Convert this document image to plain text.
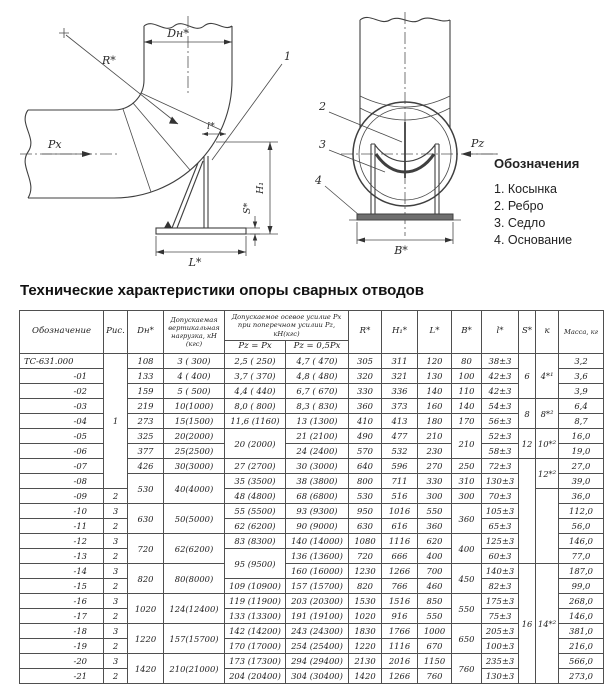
Dн*
R*
l*
Px
H₁
S*
L*
1
Pz
B*
2
3
4
Обозначения
1. Косынка
2. Ребро
3. Седло
4. Основание
Технические характеристики опоры сварных отводов
Обозначение	Рис.	Dн*	Допускаемая вертикальная нагрузка, кН (кгс)	Допускаемое осевое усилие Px при поперечном усилии Pz, кН(кгс)		R*	H₁*	L*	B*	l*	S*	к	Масса, кг
				Pz = Px	Pz = 0,5Px								
ТС-631.000	1	108	3 ( 300)	2,5 ( 250)	4,7 ( 470)	305	311	120	80	38±3	6	4*¹	3,2
-01		133	4 ( 400)	3,7 ( 370)	4,8 ( 480)	320	321	130	100	42±3			3,6
-02		159	5 ( 500)	4,4 ( 440)	6,7 ( 670)	330	336	140	110	42±3			3,9
-03		219	10(1000)	8,0 ( 800)	8,3 ( 830)	360	373	160	140	54±3	8	8*²	6,4
-04		273	15(1500)	11,6 (1160)	13 (1300)	410	413	180	170	56±3			8,7
-05		325	20(2000)	20 (2000)	21 (2100)	490	477	210	210	52±3	12	10*²	16,0
-06		377	25(2500)		24 (2400)	570	532	230		58±3			19,0
-07		426	30(3000)	27 (2700)	30 (3000)	640	596	270	250	72±3		12*²	27,0
-08		530	40(4000)	35 (3500)	38 (3800)	800	711	330	310	130±3			39,0
-09	2			48 (4800)	68 (6800)	530	516	300	300	70±3			36,0
-10	3	630	50(5000)	55 (5500)	93 (9300)	950	1016	550	360	105±3			112,0
-11	2			62 (6200)	90 (9000)	630	616	360		65±3			56,0
-12	3	720	62(6200)	83 (8300)	140 (14000)	1080	1116	620	400	125±3			146,0
-13	2			95 (9500)	136 (13600)	720	666	400		60±3			77,0
-14	3	820	80(8000)		160 (16000)	1230	1266	700	450	140±3	16	14*²	187,0
-15	2			109 (10900)	157 (15700)	820	766	460		82±3			99,0
-16	3	1020	124(12400)	119 (11900)	203 (20300)	1530	1516	850	550	175±3			268,0
-17	2			133 (13300)	191 (19100)	1020	916	550		75±3			146,0
-18	3	1220	157(15700)	142 (14200)	243 (24300)	1830	1766	1000	650	205±3			381,0
-19	2			170 (17000)	254 (25400)	1220	1116	670		100±3			216,0
-20	3	1420	210(21000)	173 (17300)	294 (29400)	2130	2016	1150	760	235±3			566,0
-21	2			204 (20400)	304 (30400)	1420	1266	760		130±3			273,0
